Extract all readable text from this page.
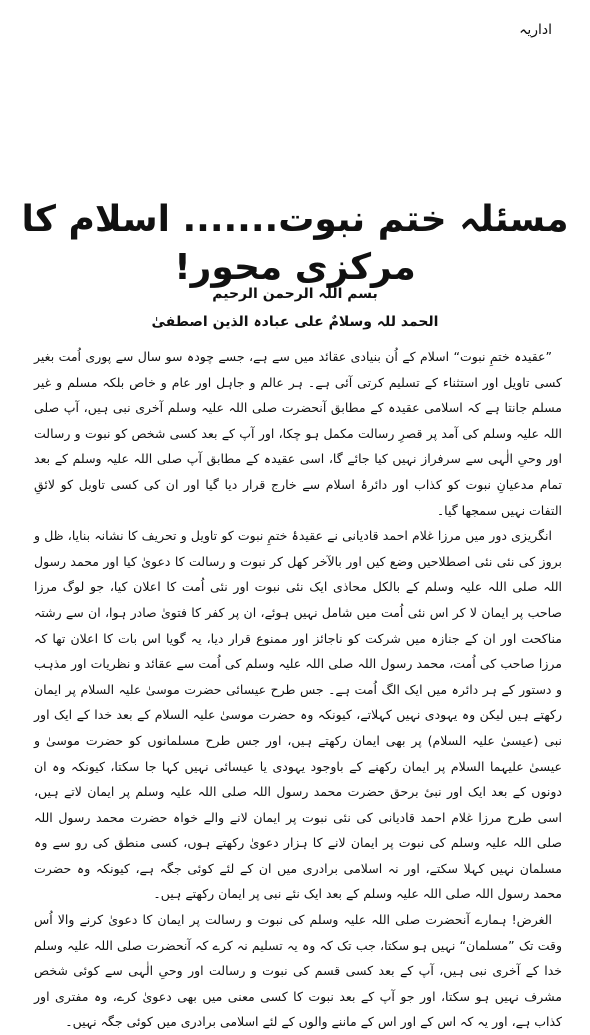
اداریہ
مسئلہ ختم نبوت....... اسلام کا مرکزی محور!
بسم اللہ الرحمن الرحیم
الحمد للہ وسلامٌ علی عبادہ الذین اصطفیٰ

”عقیدہ ختمِ نبوت“ اسلام کے اُن بنیادی عقائد میں سے ہے، جسے چودہ سو سال سے پوری اُمت بغیر کسی تاویل اور استثناء کے تسلیم کرتی آئی ہے۔ ہر عالم و جاہل اور عام و خاص بلکہ مسلم و غیر مسلم جانتا ہے کہ اسلامی عقیدہ کے مطابق آنحضرت صلی اللہ علیہ وسلم آخری نبی ہیں، آپ صلی اللہ علیہ وسلم کی آمد پر قصرِ رسالت مکمل ہو چکا، اور آپ کے بعد کسی شخص کو نبوت و رسالت اور وحیِ الٰہی سے سرفراز نہیں کیا جائے گا، اسی عقیدہ کے مطابق آپ صلی اللہ علیہ وسلم کے بعد تمام مدعیانِ نبوت کو کذاب اور دائرۂ اسلام سے خارج قرار دیا گیا اور ان کی کسی تاویل کو لائقِ التفات نہیں سمجھا گیا۔

انگریزی دور میں مرزا غلام احمد قادیانی نے عقیدۂ ختمِ نبوت کو تاویل و تحریف کا نشانہ بنایا، ظل و بروز کی نئی نئی اصطلاحیں وضع کیں اور بالآخر کھل کر نبوت و رسالت کا دعویٰ کیا اور محمد رسول اللہ صلی اللہ علیہ وسلم کے بالکل محاذی ایک نئی نبوت اور نئی اُمت کا اعلان کیا، جو لوگ مرزا صاحب پر ایمان لا کر اس نئی اُمت میں شامل نہیں ہوئے، ان پر کفر کا فتویٰ صادر ہوا، ان سے رشتہ مناکحت اور ان کے جنازہ میں شرکت کو ناجائز اور ممنوع قرار دیا، یہ گویا اس بات کا اعلان تھا کہ مرزا صاحب کی اُمت، محمد رسول اللہ صلی اللہ علیہ وسلم کی اُمت سے عقائد و نظریات اور مذہب و دستور کے ہر دائرہ میں ایک الگ اُمت ہے۔ جس طرح عیسائی حضرت موسیٰ علیہ السلام پر ایمان رکھتے ہیں لیکن وہ یہودی نہیں کہلاتے، کیونکہ وہ حضرت موسیٰ علیہ السلام کے بعد خدا کے ایک اور نبی (عیسیٰ علیہ السلام) پر بھی ایمان رکھتے ہیں، اور جس طرح مسلمانوں کو حضرت موسیٰ و عیسیٰ علیہما السلام پر ایمان رکھنے کے باوجود یہودی یا عیسائی نہیں کہا جا سکتا، کیونکہ وہ ان دونوں کے بعد ایک اور نبیٔ برحق حضرت محمد رسول اللہ صلی اللہ علیہ وسلم پر ایمان لاتے ہیں، اسی طرح مرزا غلام احمد قادیانی کی نئی نبوت پر ایمان لانے والے خواہ حضرت محمد رسول اللہ صلی اللہ علیہ وسلم کی نبوت پر ایمان لانے کا ہزار دعویٰ رکھتے ہوں، کسی منطق کی رو سے وہ مسلمان نہیں کہلا سکتے، اور نہ اسلامی برادری میں ان کے لئے کوئی جگہ ہے، کیونکہ وہ حضرت محمد رسول اللہ صلی اللہ علیہ وسلم کے بعد ایک نئے نبی پر ایمان رکھتے ہیں۔

الغرض! ہمارے آنحضرت صلی اللہ علیہ وسلم کی نبوت و رسالت پر ایمان کا دعویٰ کرنے والا اُس وقت تک ”مسلمان“ نہیں ہو سکتا، جب تک کہ وہ یہ تسلیم نہ کرے کہ آنحضرت صلی اللہ علیہ وسلم خدا کے آخری نبی ہیں، آپ کے بعد کسی قسم کی نبوت و رسالت اور وحیِ الٰہی سے کوئی شخص مشرف نہیں ہو سکتا، اور جو آپ کے بعد نبوت کا کسی معنی میں بھی دعویٰ کرے، وہ مفتری اور کذاب ہے، اور یہ کہ اس کے اور اس کے ماننے والوں کے لئے اسلامی برادری میں کوئی جگہ نہیں۔
